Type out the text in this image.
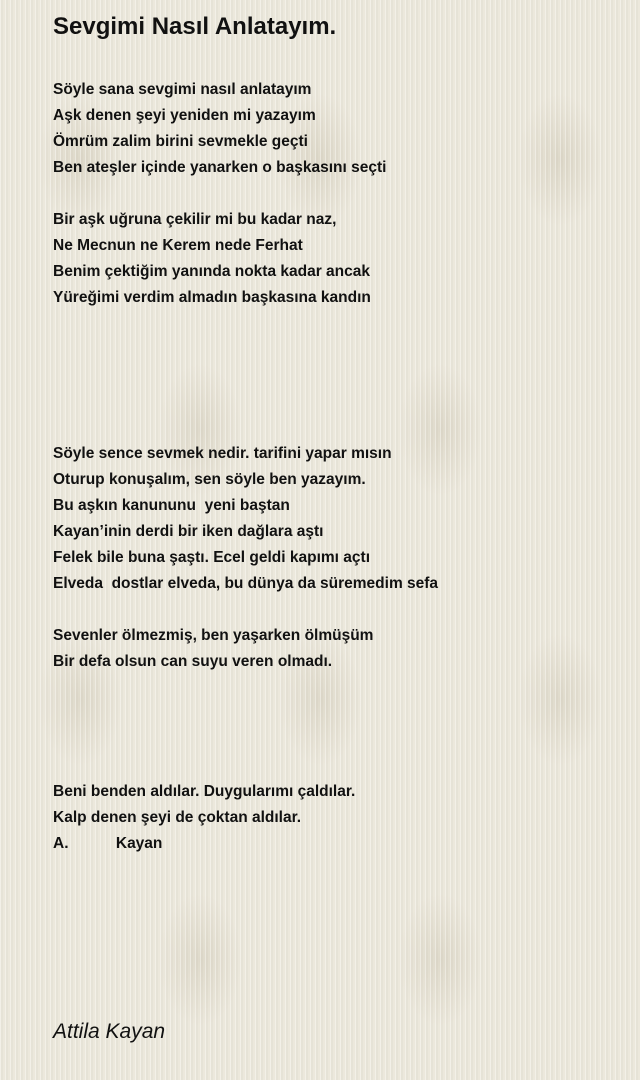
Sevgimi Nasıl Anlatayım.
Söyle sana sevgimi nasıl anlatayım
Aşk denen şeyi yeniden mi yazayım
Ömrüm zalim birini sevmekle geçti
Ben ateşler içinde yanarken o başkasını seçti
Bir aşk uğruna çekilir mi bu kadar naz,
Ne Mecnun ne Kerem nede Ferhat
Benim çektiğim yanında nokta kadar ancak
Yüreğimi verdim almadın başkasına kandın
Söyle sence sevmek nedir. tarifini yapar mısın
Oturup konuşalım, sen söyle ben yazayım.
Bu aşkın kanununu  yeni baştan
Kayan’inin derdi bir iken dağlara aştı
Felek bile buna şaştı. Ecel geldi kapımı açtı
Elveda  dostlar elveda, bu dünya da süremedim sefa
Sevenler ölmezmiş, ben yaşarken ölmüşüm
Bir defa olsun can suyu veren olmadı.
Beni benden aldılar. Duygularımı çaldılar.
Kalp denen şeyi de çoktan aldılar.
A.           Kayan
Attila Kayan
